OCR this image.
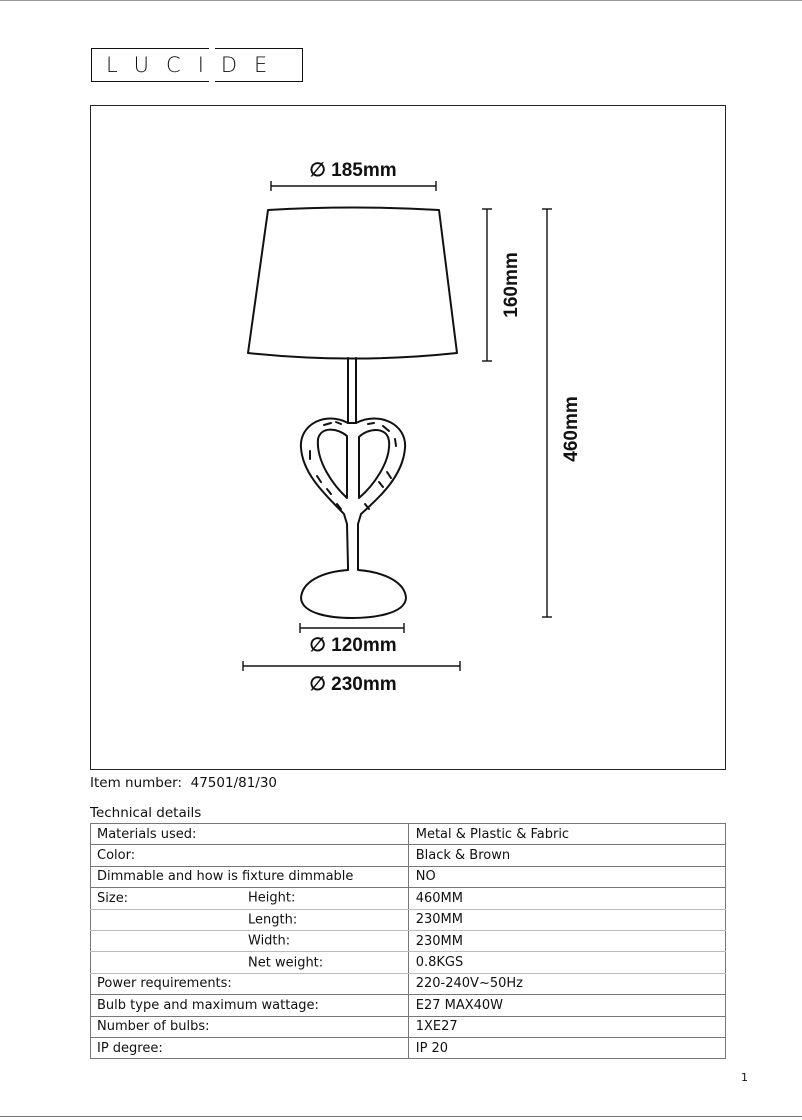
LUCIDE
∅ 185mm
160mm
460mm
∅ 120mm
∅ 230mm
Item number: 47501/81/30
Technical details
Materials used:	Metal & Plastic & Fabric
Color:	Black & Brown
Dimmable and how is fixture dimmable	NO
Size: Height:	460MM

Length:	230MM

Width:	230MM

Net weight:	0.8KGS
Power requirements:	220-240V~50Hz
Bulb type and maximum wattage:	E27 MAX40W
Number of bulbs:	1XE27
IP degree:	IP 20
1
